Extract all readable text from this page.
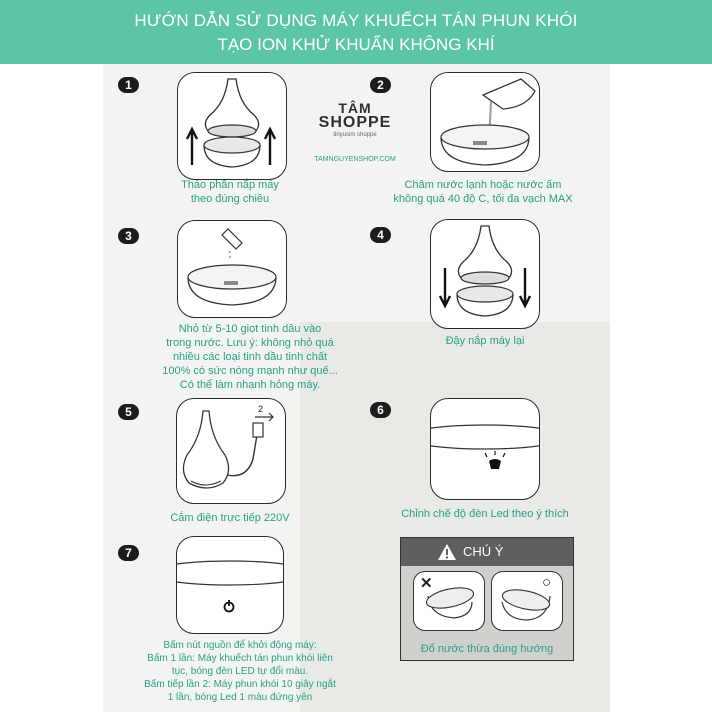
HƯỚN DẪN SỬ DỤNG MÁY KHUẾCH TÁN PHUN KHÓI
TẠO ION KHỬ KHUẨN KHÔNG KHÍ
1
Tháo phần nắp máy
theo đúng chiều
TÂM
SHOPPE
tinyusim shoppe
TAMNGUYENSHOP.COM
2
Châm nước lạnh hoặc nước ấm
không quá 40 độ C, tối đa vạch MAX
3
Nhỏ từ 5-10 giọt tinh dầu vào
trong nước. Lưu ý: không nhỏ quá
nhiều các loại tinh dầu tinh chất
100% có sức nóng mạnh như quế...
Có thể làm nhanh hỏng máy.
4
Đậy nắp máy lại
5	2
Cắm điện trực tiếp 220V
6
Chỉnh chế độ đèn Led theo ý thích
7
Bấm nút nguồn để khởi động máy:
Bấm 1 lần: Máy khuếch tán phun khói liên
tục, bóng đèn LED tự đổi màu.
Bấm tiếp lần 2: Máy phun khói 10 giây ngắt
1 lần, bóng Led 1 màu đứng yên
CHÚ Ý
✕	○
Đổ nước thừa đúng hướng
